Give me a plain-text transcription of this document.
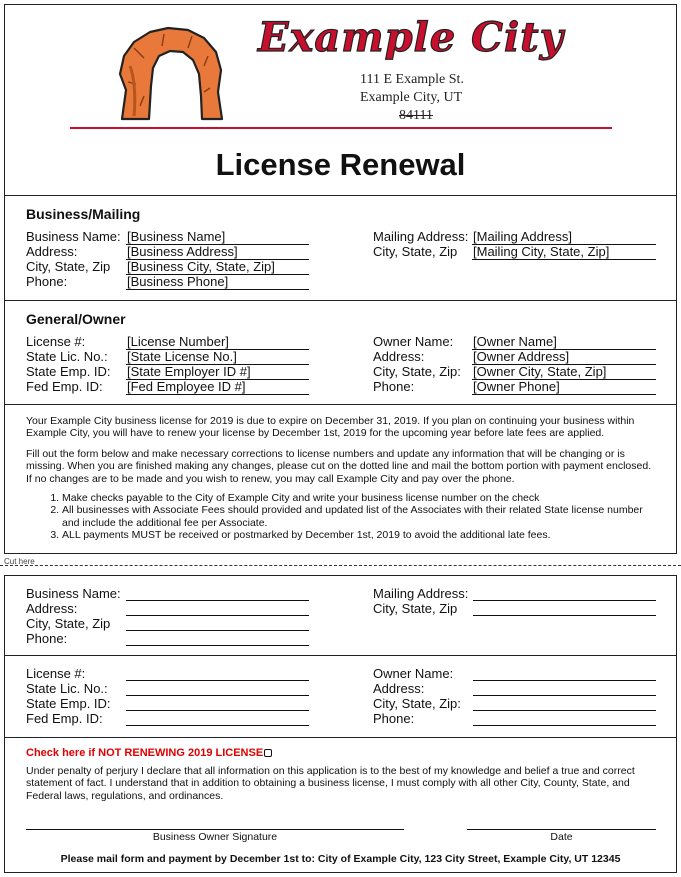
Example City
111 E Example St.
Example City, UT
84111
License Renewal
Business/Mailing
Business Name: [Business Name]
Address:	[Business Address]
City, State, Zip [Business City, State, Zip]
Phone:	[Business Phone]
Mailing Address: [Mailing Address]
City, State, Zip [Mailing City, State, Zip]
General/Owner
License #:	[License Number]
State Lic. No.: [State License No.]
State Emp. ID: [State Employer ID #]
Fed Emp. ID: [Fed Employee ID #]
Owner Name: [Owner Name]
Address:	[Owner Address]
City, State, Zip: [Owner City, State, Zip]
Phone:	[Owner Phone]

Your Example City business license for 2019 is due to expire on December 31, 2019. If you plan on continuing your business within Example City, you will have to renew your license by December 1st, 2019 for the upcoming year before late fees are applied.

Fill out the form below and make necessary corrections to license numbers and update any information that will be changing or is missing. When you are finished making any changes, please cut on the dotted line and mail the bottom portion with payment enclosed. If no changes are to be made and you wish to renew, you may call Example City and pay over the phone.

1. Make checks payable to the City of Example City and write your business license number on the check
2. All businesses with Associate Fees should provided and updated list of the Associates with their related State license number and include the additional fee per Associate.
3. ALL payments MUST be received or postmarked by December 1st, 2019 to avoid the additional late fees.
Cut here
Business Name:
Address:
City, State, Zip
Phone:
Mailing Address:
City, State, Zip
License #:
State Lic. No.:
State Emp. ID:
Fed Emp. ID:
Owner Name:
Address:
City, State, Zip:
Phone:
Check here if NOT RENEWING 2019 LICENSE

Under penalty of perjury I declare that all information on this application is to the best of my knowledge and belief a true and correct statement of fact. I understand that in addition to obtaining a business license, I must comply with all other City, County, State, and Federal laws, regulations, and ordinances.

Business Owner Signature	Date
Please mail form and payment by December 1st to: City of Example City, 123 City Street, Example City, UT 12345
